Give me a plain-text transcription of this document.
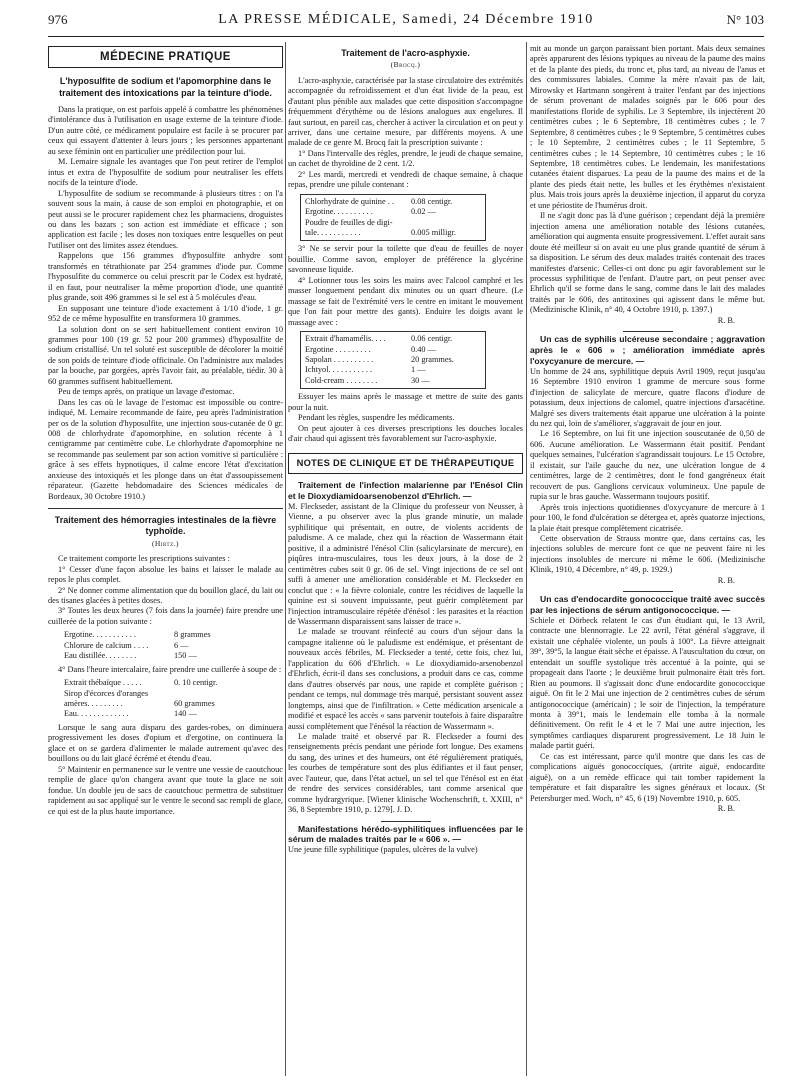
976	LA PRESSE MÉDICALE, Samedi, 24 Décembre 1910	N° 103
MÉDECINE PRATIQUE
L'hyposulfite de sodium et l'apomorphine dans le traitement des intoxications par la teinture d'iode.

Dans la pratique, on est parfois appelé à combattre les phénomènes d'intolérance dus à l'utilisation en usage externe de la teinture d'iode. D'un autre côté, ce médicament populaire est facile à se procurer par ceux qui essayent d'attenter à leurs jours ; les personnes appartenant au sexe féminin ont en particulier une prédilection pour lui.

M. Lemaire signale les avantages que l'on peut retirer de l'emploi intus et extra de l'hyposulfite de sodium pour neutraliser les effets nocifs de la teinture d'iode.

L'hyposulfite de sodium se recommande à plusieurs titres : on l'a souvent sous la main, à cause de son emploi en photographie, et on peut aussi se le procurer rapidement chez les pharmaciens, droguistes ou dans les bazars ; son action est immédiate et efficace ; son application est facile ; les doses non toxiques entre lesquelles on peut l'utiliser ont des limites assez étendues.

Rappelons que 156 grammes d'hyposulfite anhydre sont transformés en tétrathionate par 254 grammes d'iode pur. Comme l'hyposulfite du commerce ou celui prescrit par le Codex est hydraté, il en faut, pour neutraliser la même proportion d'iode, une quantité plus grande, soit 496 grammes si le sel est à 5 molécules d'eau.

En supposant une teinture d'iode exactement à 1/10 d'iode, 1 gr. 952 de ce même hyposulfite en transformera 10 grammes.

La solution dont on se sert habituellement contient environ 10 grammes pour 100 (19 gr. 52 pour 200 grammes) d'hyposulfite de sodium cristallisé. Un tel soluté est susceptible de décolorer la moitié de son poids de teinture d'iode officinale. On l'administre aux malades par la bouche, par gorgées, après l'avoir fait, au préalable, tiédir. 30 à 60 grammes suffisent habituellement.

Peu de temps après, on pratique un lavage d'estomac.

Dans les cas où le lavage de l'estomac est impossible ou contre-indiqué, M. Lemaire recommande de faire, peu après l'administration per os de la solution d'hyposulfite, une injection sous-cutanée de 0 gr. 008 de chlorhydrate d'apomorphine, en solution récente à 1 centigramme par centimètre cube. Le chlorhydrate d'apomorphine ne se recommande pas seulement par son action vomitive si particulière : grâce à ses effets hypnotiques, il calme encore l'état d'excitation anxieuse des intoxiqués et les plonge dans un état d'assoupissement réparateur. (Gazette hebdomadaire des Sciences médicales de Bordeaux, 30 Octobre 1910.)

Traitement des hémorragies intestinales de la fièvre typhoïde.
(Hirtz.)

Ce traitement comporte les prescriptions suivantes :

1° Cesser d'une façon absolue les bains et laisser le malade au repos le plus complet.

2° Ne donner comme alimentation que du bouillon glacé, du lait ou des tisanes glacées à petites doses.

3° Toutes les deux heures (7 fois dans la journée) faire prendre une cuillerée de la potion suivante :

Ergotine. . . . . . . . . . .	8 grammes
Chlorure de calcium . . . .	6 —
Eau distillée. . . . . . . .	150 —

4° Dans l'heure intercalaire, faire prendre une cuillerée à soupe de :

Extrait thébaïque . . . . .	0. 10 centigr.
Sirop d'écorces d'oranges
amères. . . . . . . . .	60 grammes
Eau. . . . . . . . . . . . .	140 —

Lorsque le sang aura disparu des gardes-robes, on diminuera progressivement les doses d'opium et d'ergotine, on continuera la glace et on se gardera d'alimenter le malade autrement qu'avec des bouillons ou du lait glacé écrémé et étendu d'eau.

5° Maintenir en permanence sur le ventre une vessie de caoutchouc remplie de glace qu'on changera avant que toute la glace ne soit fondue. Un double jeu de sacs de caoutchouc permettra de substituer rapidement au sac appliqué sur le ventre le second sac rempli de glace, ce qui est de la plus haute importance.

Traitement de l'acro-asphyxie.
(Brocq.)

L'acro-asphyxie, caractérisée par la stase circulatoire des extrémités accompagnée du refroidissement et d'un état livide de la peau, est d'autant plus pénible aux malades que cette disposition s'accompagne fréquemment d'érythème ou de lésions analogues aux engelures. Il faut surtout, en pareil cas, chercher à activer la circulation et on peut y arriver, dans une certaine mesure, par différents moyens. A une malade de ce genre M. Brocq fait la prescription suivante :

1° Dans l'intervalle des règles, prendre, le jeudi de chaque semaine, un cachet de thyroïdine de 2 cent. 1/2.

2° Les mardi, mercredi et vendredi de chaque semaine, à chaque repas, prendre une pilule contenant :

Chlorhydrate de quinine . .	0.08 centigr.
Ergotine. . . . . . . . . .	0.02 —
Poudre de feuilles de digi-
tale. . . . . . . . . . .	0.005 milligr.

3° Ne se servir pour la toilette que d'eau de feuilles de noyer bouillie. Comme savon, employer de préférence la glycérine savonneuse liquide.

4° Lotionner tous les soirs les mains avec l'alcool camphré et les masser longuement pendant dix minutes ou un quart d'heure. (Le massage se fait de l'extrémité vers le centre en imitant le mouvement que l'on fait pour mettre des gants). Enduire les doigts avant le massage avec :

Extrait d'hamamélis. . . .	0.06 centigr.
Ergotine . . . . . . . . .	0.40 —
Sapolan . . . . . . . . . .	20 grammes.
Ichtyol. . . . . . . . . . .	1 —
Cold-cream . . . . . . . .	30 —

Essuyer les mains après le massage et mettre de suite des gants pour la nuit.

Pendant les règles, suspendre les médicaments.

On peut ajouter à ces diverses prescriptions les douches locales d'air chaud qui agissent très favorablement sur l'acro-asphyxie.

NOTES DE CLINIQUE ET DE THÉRAPEUTIQUE

Traitement de l'infection malarienne par l'Enésol Clin et le Dioxydiamidoarsenobenzol d'Ehrlich. —

M. Fleckseder, assistant de la Clinique du professeur von Neusser, à Vienne, a pu observer avec la plus grande minutie, un malade syphilitique qui présentait, en outre, de violents accidents de paludisme. A ce malade, chez qui la réaction de Wassermann était positive, il a administré l'énésol Clin (salicylarsinate de mercure), en piqûres intra-musculaires, tous les deux jours, à la dose de 2 centimètres cubes soit 0 gr. 06 de sel. Vingt injections de ce sel ont suffi à amener une amélioration considérable et M. Fleckseder en conclut que : « la fièvre coloniale, contre les récidives de laquelle la quinine est si souvent impuissante, peut guérir complètement par l'injection intramusculaire répétée d'énésol : les parasites et la réaction de Wassermann disparaissent sans laisser de trace ».

Le malade se trouvant réinfecté au cours d'un séjour dans la campagne italienne où le paludisme est endémique, et présentant de nouveaux accès fébriles, M. Fleckseder a tenté, cette fois, chez lui, l'application du 606 d'Ehrlich. « Le dioxydiamido-arsenobenzol d'Ehrlich, écrit-il dans ses conclusions, a produit dans ce cas, comme dans d'autres observés par nous, une rapide et complète guérison ; pendant ce temps, nul dommage très marqué, persistant souvent assez longtemps, ainsi que de l'infiltration. » Cette médication arsenicale a modifié et espacé les accès « sans parvenir toutefois à faire disparaître aussi complètement que l'énésol la réaction de Wassermann ».

Le malade traité et observé par R. Fleckseder a fourni des renseignements précis pendant une période fort longue. Des examens du sang, des urines et des humeurs, ont été régulièrement pratiqués, les courbes de température sont des plus édifiantes et il faut penser, avec l'auteur, que, dans l'état actuel, un sel tel que l'énésol est en état de rendre des services considérables, tant comme arsenical que comme hydrargyrique. [Wiener klinische Wochenschrift, t. XXIII, n° 36, 8 Septembre 1910, p. 1279]. J. D.

Manifestations hérédo-syphilitiques influencées par le sérum de malades traités par le « 606 ». —

Une jeune fille syphilitique (papules, ulcères de la vulve)

mit au monde un garçon paraissant bien portant. Mais deux semaines après apparurent des lésions typiques au niveau de la paume des mains et de la plante des pieds, du tronc et, plus tard, au niveau de l'anus et des commissures labiales. Comme la mère n'avait pas de lait, Mirowsky et Hartmann songèrent à traiter l'enfant par des injections de sérum provenant de malades soignés par le 606 pour des manifestations floride de syphilis. Le 3 Septembre, ils injectèrent 20 centimètres cubes ; le 6 Septembre, 18 centimètres cubes ; le 7 Septembre, 8 centimètres cubes ; le 9 Septembre, 5 centimètres cubes ; le 10 Septembre, 2 centimètres cubes ; le 11 Septembre, 5 centimètres cubes ; le 14 Septembre, 10 centimètres cubes ; le 16 Septembre, 18 centimètres cubes. Le lendemain, les manifestations cutanées étaient disparues. La peau de la paume des mains et de la plante des pieds était nette, les bulles et les érythèmes n'existaient plus. Mais trois jours après la deuxième injection, il apparut du coryza et une périostite de l'humérus droit.

Il ne s'agit donc pas là d'une guérison ; cependant déjà la première injection amena une amélioration notable des lésions cutanées, amélioration qui augmenta ensuite progressivement. L'effet aurait sans doute été meilleur si on avait eu une plus grande quantité de sérum à sa disposition. Le sérum des deux malades traités contenait des traces manifestes d'arsenic. Celles-ci ont donc pu agir favorablement sur le processus syphilitique de l'enfant. D'autre part, on peut penser avec Ehrlich qu'il se forme dans le sang, comme dans le lait des malades traités par le 606, des antitoxines qui agissent dans le même but. (Medizinische Klinik, n° 40, 4 Octobre 1910, p. 1397.)

R. B.

Un cas de syphilis ulcéreuse secondaire ; aggravation après le « 606 » ; amélioration immédiate après l'oxycyanure de mercure. —

Un homme de 24 ans, syphilitique depuis Avril 1909, reçut jusqu'au 16 Septembre 1910 environ 1 gramme de mercure sous forme d'injection de salicylate de mercure, quatre flacons d'iodure de potassium, deux injections de calomel, quatre injections d'arsacétine. Malgré ses divers traitements était apparue une ulcération à la pointe du nez qui, loin de s'améliorer, s'aggravait de jour en jour.

Le 16 Septembre, on lui fit une injection souscutanée de 0,50 de 606. Aucune amélioration. Le Wassermann était positif. Pendant quelques semaines, l'ulcération s'agrandissait toujours. Le 15 Octobre, il existait, sur l'aile gauche du nez, une ulcération longue de 4 centimètres, large de 2 centimètres, dont le fond gangréneux était recouvert de pus. Ganglions cervicaux volumineux. Une papule de rupia sur le bras gauche. Wassermann toujours positif.

Après trois injections quotidiennes d'oxycyanure de mercure à 1 pour 100, le fond d'ulcération se détergea et, après quatorze injections, la plaie était presque complètement cicatrisée.

Cette observation de Strauss montre que, dans certains cas, les injections solubles de mercure font ce que ne peuvent faire ni les injections insolubles de mercure ni même le 606. (Medizinische Klinik, 1910, 4 Décembre, n° 49, p. 1929.)

R. B.

Un cas d'endocardite gonococcique traité avec succès par les injections de sérum antigonococcique. —

Schiele et Dörbeck relatent le cas d'un étudiant qui, le 13 Avril, contracte une blennorragie. Le 22 avril, l'état général s'aggrave, il existait une céphalée violente, un pouls à 100°. La fièvre atteignait 39°, 39°5, la langue était sèche et épaisse. A l'auscultation du cœur, on entendait un souffle systolique très accentué à la pointe, qui se propageait dans l'aorte ; le deuxième bruit pulmonaire était très fort. Rien au poumons. Il s'agissait donc d'une endocardite gonococcique aiguë. On fit le 2 Mai une injection de 2 centimètres cubes de sérum antigonococcique (américain) ; le soir de l'injection, la température monta à 39°1, mais le lendemain elle tomba à la normale définitivement. On refit le 4 et le 7 Mai une autre injection, les symptômes cardiaques disparurent progressivement. Le 18 Juin le malade partit guéri.

Ce cas est intéressant, parce qu'il montre que dans les cas de complications aiguës gonococciques, (artrite aiguë, endocardite aiguë), on a un remède efficace qui tait tomber rapidement la température et fait disparaître les signes généraux et locaux. (St Petersburger med. Woch, n° 45, 6 (19) Novembre 1910, p. 605.

R. B.
